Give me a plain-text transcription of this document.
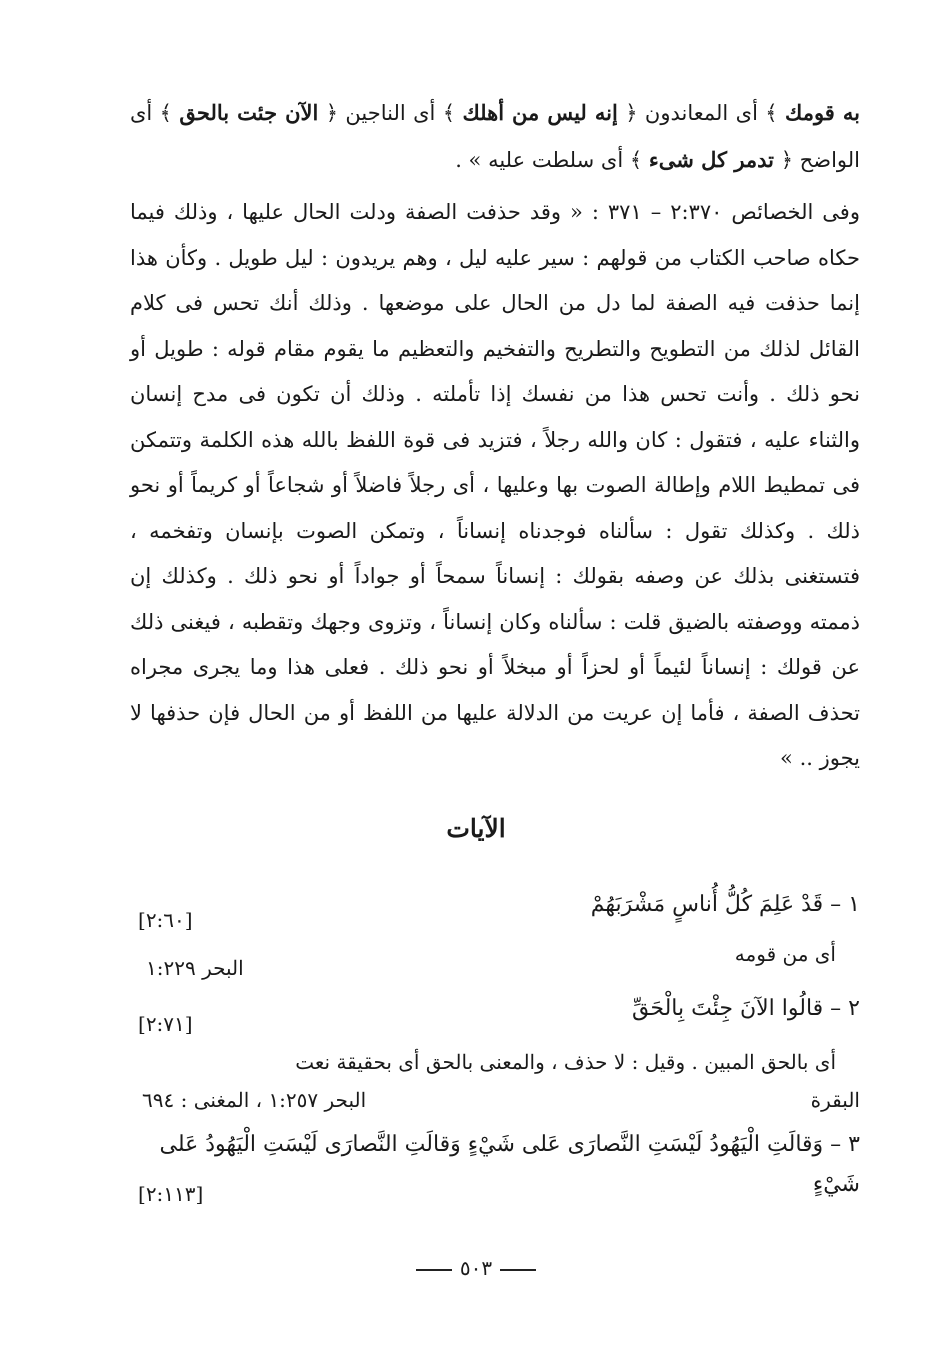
به قومك ﴾ أى المعاندون ﴿ إنه ليس من أهلك ﴾ أى الناجين ﴿ الآن جئت بالحق ﴾ أى الواضح ﴿ تدمر كل شىء ﴾ أى سلطت عليه » .

وفى الخصائص ٢:٣٧٠ – ٣٧١ : « وقد حذفت الصفة ودلت الحال عليها ، وذلك فيما حكاه صاحب الكتاب من قولهم : سير عليه ليل ، وهم يريدون : ليل طويل . وكأن هذا إنما حذفت فيه الصفة لما دل من الحال على موضعها . وذلك أنك تحس فى كلام القائل لذلك من التطويح والتطريح والتفخيم والتعظيم ما يقوم مقام قوله : طويل أو نحو ذلك . وأنت تحس هذا من نفسك إذا تأملته . وذلك أن تكون فى مدح إنسان والثناء عليه ، فتقول : كان والله رجلاً ، فتزيد فى قوة اللفظ بالله هذه الكلمة وتتمكن فى تمطيط اللام وإطالة الصوت بها وعليها ، أى رجلاً فاضلاً أو شجاعاً أو كريماً أو نحو ذلك . وكذلك تقول : سألناه فوجدناه إنساناً ، وتمكن الصوت بإنسان وتفخمه ، فتستغنى بذلك عن وصفه بقولك : إنساناً سمحاً أو جواداً أو نحو ذلك . وكذلك إن ذممته ووصفته بالضيق قلت : سألناه وكان إنساناً ، وتزوى وجهك وتقطبه ، فيغنى ذلك عن قولك : إنساناً لئيماً أو لحزاً أو مبخلاً أو نحو ذلك . فعلى هذا وما يجرى مجراه تحذف الصفة ، فأما إن عريت من الدلالة عليها من اللفظ أو من الحال فإن حذفها لا يجوز .. »

الآيات
١ – قَدْ عَلِمَ كُلُّ أُناسٍ مَشْرَبَهُمْ
[٢:٦٠]
أى من قومه
البحر ١:٢٢٩
٢ – قالُوا الآنَ جِئْتَ بِالْحَقِّ
[٢:٧١]
أى بالحق المبين . وقيل : لا حذف ، والمعنى بالحق أى بحقيقة نعت
البقرة
البحر ١:٢٥٧ ، المغنى : ٦٩٤
٣ – وَقالَتِ الْيَهُودُ لَيْسَتِ النَّصارَى عَلى شَيْءٍ وَقالَتِ النَّصارَى لَيْسَتِ الْيَهُودُ عَلى
شَيْءٍ
[٢:١١٣]
٥٠٣
